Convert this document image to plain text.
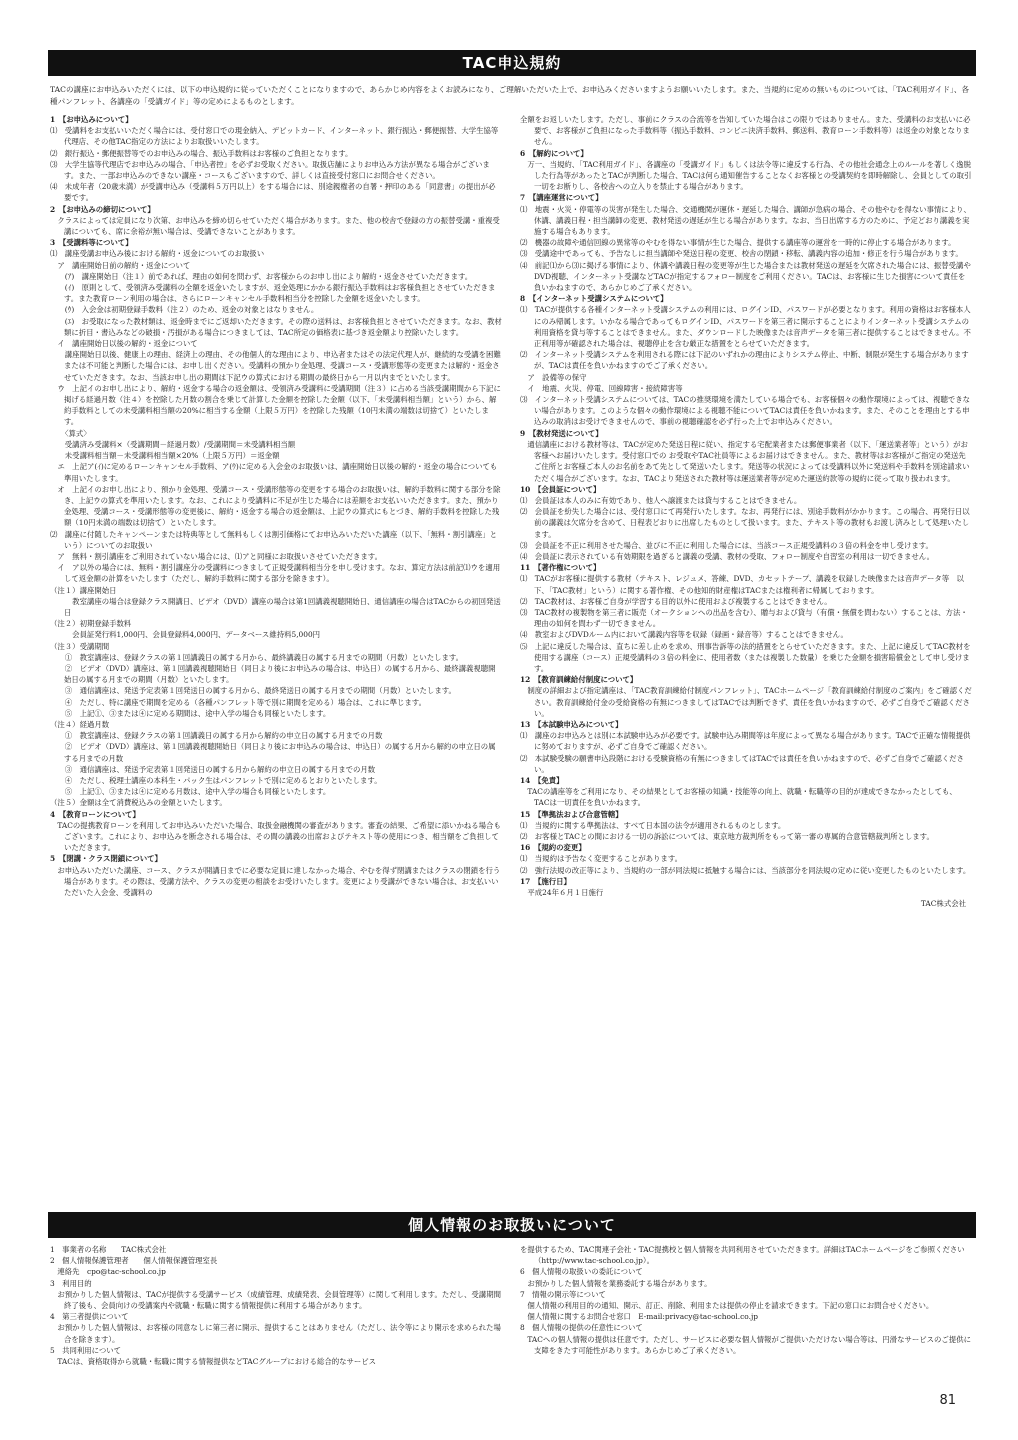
TAC申込規約
TACの講座にお申込みいただくには、以下の申込規約に従っていただくことになりますので、あらかじめ内容をよくお読みになり、ご理解いただいた上で、お申込みくださいますようお願いいたします。また、当規約に定めの無いものについては、「TAC利用ガイド」、各種パンフレット、各講座の「受講ガイド」等の定めによるものとします。

1　【お申込みについて】

⑴　受講料をお支払いいただく場合には、受付窓口での現金納入、デビットカード、インターネット、銀行振込・郵便振替、大学生協等代理店、その他TAC指定の方法によりお取扱いいたします。

⑵　銀行振込・郵便振替等でのお申込みの場合、振込手数料はお客様のご負担となります。

⑶　大学生協等代理店でお申込みの場合、「申込者控」を必ずお受取ください。取扱店舗によりお申込み方法が異なる場合がございます。また、一部お申込みのできない講座・コースもございますので、詳しくは直接受付窓口にお問合せください。

⑷　未成年者（20歳未満）が受講申込み（受講料５万円以上）をする場合には、別途親権者の自署・押印のある「同意書」の提出が必要です。

2　【お申込みの締切について】

　クラスによっては定員になり次第、お申込みを締め切らせていただく場合があります。また、他の校舎で登録の方の振替受講・重複受講についても、席に余裕が無い場合は、受講できないことがあります。

3　【受講料等について】

⑴　講座受講お申込み後における解約・返金についてのお取扱い

　ア　講座開始日前の解約・返金について

　　(ｱ)　講座開始日（注１）前であれば、理由の如何を問わず、お客様からのお申し出により解約・返金させていただきます。

　　(ｲ)　原則として、受領済み受講料の全額を返金いたしますが、返金処理にかかる銀行振込手数料はお客様負担とさせていただきます。また教育ローン利用の場合は、さらにローンキャンセル手数料相当分を控除した金額を返金いたします。

　　(ｳ)　入会金は初期登録手数料（注２）のため、返金の対象とはなりません。

　　(ｴ)　お受取になった教材類は、返金時までにご返却いただきます。その際の送料は、お客様負担とさせていただきます。なお、教材類に折目・書込みなどの破損・汚損がある場合につきましては、TAC所定の価格表に基づき返金額より控除いたします。

　イ　講座開始日以後の解約・返金について

　　講座開始日以後、健康上の理由、経済上の理由、その他個人的な理由により、申込者またはその法定代理人が、継続的な受講を困難または不可能と判断した場合には、お申し出ください。受講料の預かり金処理、受講コース・受講形態等の変更または解約・返金させていただきます。なお、当該お申し出の期間は下記ウの算式における期間の最終日から一月以内までといたします。

　ウ　上記イのお申し出により、解約・返金する場合の返金額は、受領済み受講料に受講期間（注３）に占める当該受講期間から下記に掲げる経過月数（注４）を控除した月数の割合を乗じて計算した金額を控除した金額（以下、「未受講料相当額」という）から、解約手数料としての未受講料相当額の20%に相当する金額（上限５万円）を控除した残額（10円未満の端数は切捨て）といたします。

　　〈算式〉

　　受講済み受講料×（受講期間－経過月数）/受講期間＝未受講料相当額

　　未受講料相当額－未受講料相当額×20%（上限５万円）＝返金額

　エ　上記ア(ｲ)に定めるローンキャンセル手数料、ア(ｳ)に定める入会金のお取扱いは、講座開始日以後の解約・返金の場合についても準用いたします。

　オ　上記イのお申し出により、預かり金処理、受講コース・受講形態等の変更をする場合のお取扱いは、解約手数料に関する部分を除き、上記ウの算式を準用いたします。なお、これにより受講料に不足が生じた場合には差額をお支払いいただきます。また、預かり金処理、受講コース・受講形態等の変更後に、解約・返金する場合の返金額は、上記ウの算式にもとづき、解約手数料を控除した残額（10円未満の端数は切捨て）といたします。

⑵　講座に付随したキャンペーンまたは特典等として無料もしくは割引価格にてお申込みいただいた講座（以下、「無料・割引講座」という）についてのお取扱い

　ア　無料・割引講座をご利用されていない場合には、⑴アと同様にお取扱いさせていただきます。

　イ　ア以外の場合には、無料・割引講座分の受講料につきまして正規受講料相当分を申し受けます。なお、算定方法は前記⑴ウを適用して返金額の計算をいたします（ただし、解約手数料に関する部分を除きます）。

（注１）講座開始日

　　　教室講座の場合は登録クラス開講日、ビデオ（DVD）講座の場合は第1回講義視聴開始日、通信講座の場合はTACからの初回発送日

（注２）初期登録手数料

　　　会員証発行料1,000円、会員登録料4,000円、データベース維持料5,000円

（注３）受講期間

　　①　教室講座は、登録クラスの第１回講義日の属する月から、最終講義日の属する月までの期間（月数）といたします。

　　②　ビデオ（DVD）講座は、第１回講義視聴開始日（同日より後にお申込みの場合は、申込日）の属する月から、最終講義視聴開始日の属する月までの期間（月数）といたします。

　　③　通信講座は、発送予定表第１回発送日の属する月から、最終発送日の属する月までの期間（月数）といたします。

　　④　ただし、特に講座で期間を定める（各種パンフレット等で別に期間を定める）場合は、これに準じます。

　　⑤　上記①、③または④に定める期間は、途中入学の場合も同様といたします。

（注４）経過月数

　　①　教室講座は、登録クラスの第１回講義日の属する月から解約の申立日の属する月までの月数

　　②　ビデオ（DVD）講座は、第１回講義視聴開始日（同日より後にお申込みの場合は、申込日）の属する月から解約の申立日の属する月までの月数

　　③　通信講座は、発送予定表第１回発送日の属する月から解約の申立日の属する月までの月数

　　④　ただし、税理士講座の本科生・パック生はパンフレットで別に定めるとおりといたします。

　　⑤　上記①、③または④に定める月数は、途中入学の場合も同様といたします。

（注５）金額は全て消費税込みの金額といたします。

4　【教育ローンについて】

　TACの提携教育ローンを利用してお申込みいただいた場合、取扱金融機関の審査があります。審査の結果、ご希望に添いかねる場合もございます。これにより、お申込みを断念される場合は、その間の講義の出席およびテキスト等の使用につき、相当額をご負担していただきます。

5　【閉講・クラス閉鎖について】

　お申込みいただいた講座、コース、クラスが開講日までに必要な定員に達しなかった場合、やむを得ず閉講またはクラスの閉鎖を行う場合があります。その際は、受講方法や、クラスの変更の相談をお受けいたします。変更により受講ができない場合は、お支払いいただいた入会金、受講料の

全額をお返しいたします。ただし、事前にクラスの合流等を告知していた場合はこの限りではありません。また、受講料のお支払いに必要で、お客様がご負担になった手数料等（振込手数料、コンビニ決済手数料、郵送料、教育ローン手数料等）は返金の対象となりません。

6　【解約について】

　万一、当規約、「TAC利用ガイド」、各講座の「受講ガイド」もしくは法令等に違反する行為、その他社会通念上のルールを著しく逸脱した行為等があったとTACが判断した場合、TACは何ら通知催告することなくお客様との受講契約を即時解除し、会員としての取引一切をお断りし、各校舎への立入りを禁止する場合があります。

7　【講座運営について】

⑴　地震・火災・停電等の災害が発生した場合、交通機関が運休・遅延した場合、講師が急病の場合、その他やむを得ない事情により、休講、講義日程・担当講師の変更、教材発送の遅延が生じる場合があります。なお、当日出席する方のために、予定どおり講義を実施する場合もあります。

⑵　機器の故障や通信回線の異常等のやむを得ない事情が生じた場合、提供する講座等の運営を一時的に停止する場合があります。

⑶　受講途中であっても、予告なしに担当講師や発送日程の変更、校舎の閉鎖・移転、講義内容の追加・修正を行う場合があります。

⑷　前記⑴から⑶に掲げる事情により、休講や講義日程の変更等が生じた場合または教材発送の遅延を欠席された場合には、振替受講やDVD視聴、インターネット受講などTACが指定するフォロー制度をご利用ください。TACは、お客様に生じた損害について責任を負いかねますので、あらかじめご了承ください。

8　【インターネット受講システムについて】

⑴　TACが提供する各種インターネット受講システムの利用には、ログインID、パスワードが必要となります。利用の資格はお客様本人にのみ帰属します。いかなる場合であってもログインID、パスワードを第三者に開示することによりインターネット受講システムの利用資格を貸与等することはできません。また、ダウンロードした映像または音声データを第三者に提供することはできません。不正利用等が確認された場合は、視聴停止を含む厳正な措置をとらせていただきます。

⑵　インターネット受講システムを利用される際には下記のいずれかの理由によりシステム停止、中断、制限が発生する場合がありますが、TACは責任を負いかねますのでご了承ください。

　ア　設備等の保守

　イ　地震、火災、停電、回線障害・接続障害等

⑶　インターネット受講システムについては、TACの推奨環境を満たしている場合でも、お客様個々の動作環境によっては、視聴できない場合があります。このような個々の動作環境による視聴不能についてTACは責任を負いかねます。また、そのことを理由とする申込みの取消はお受けできませんので、事前の視聴確認を必ず行った上でお申込みください。

9　【教材発送について】

　通信講座における教材等は、TACが定めた発送日程に従い、指定する宅配業者または郵便事業者（以下、「運送業者等」という）がお客様へお届けいたします。受付窓口での お受取やTAC社員等によるお届けはできません。また、教材等はお客様がご指定の発送先ご住所とお客様ご本人のお名前をあて先として発送いたします。発送等の状況によっては受講料以外に発送料や手数料を別途請求いただく場合がございます。なお、TACより発送された教材等は運送業者等が定めた運送約款等の規約に従って取り扱われます。

10　【会員証について】

⑴　会員証は本人のみに有効であり、他人へ譲渡または貸与することはできません。

⑵　会員証を紛失した場合には、受付窓口にて再発行いたします。なお、再発行には、別途手数料がかかります。この場合、再発行日以前の講義は欠席分を含めて、日程表どおりに出席したものとして扱います。また、テキスト等の教材もお渡し済みとして処理いたします。

⑶　会員証を不正に利用させた場合、並びに不正に利用した場合には、当該コース正規受講料の３倍の料金を申し受けます。

⑷　会員証に表示されている有効期限を過ぎると講義の受講、教材の受取、フォロー制度や自習室の利用は一切できません。

11　【著作権について】

⑴　TACがお客様に提供する教材（テキスト、レジュメ、答練、DVD、カセットテープ、講義を収録した映像または音声データ等　以下、「TAC教材」という）に関する著作権、その他知的財産権はTACまたは権利者に帰属しております。

⑵　TAC教材は、お客様ご自身が学習する目的以外に使用および複製することはできません。

⑶　TAC教材の複製物を第三者に販売（オークションへの出品を含む）、贈与および貸与（有償・無償を問わない）することは、方法・理由の如何を問わず一切できません。

⑷　教室およびDVDルーム内において講義内容等を収録（録画・録音等）することはできません。

⑸　上記に違反した場合は、直ちに差し止めを求め、刑事告訴等の法的措置をとらせていただきます。また、上記に違反してTAC教材を使用する講座（コース）正規受講料の３倍の料金に、使用者数（または複製した数量）を乗じた金額を損害賠償金として申し受けます。

12　【教育訓練給付制度について】

　制度の詳細および指定講座は、「TAC教育訓練給付制度パンフレット」、TACホームページ「教育訓練給付制度のご案内」をご確認ください。教育訓練給付金の受給資格の有無につきましてはTACでは判断できず、責任を負いかねますので、必ずご自身でご確認ください。

13　【本試験申込みについて】

⑴　講座のお申込みとは別に本試験申込みが必要です。試験申込み期間等は年度によって異なる場合があります。TACで正確な情報提供に努めておりますが、必ずご自身でご確認ください。

⑵　本試験受験の願書申込段階における受験資格の有無につきましてはTACでは責任を負いかねますので、必ずご自身でご確認ください。

14　【免責】

　TACの講座等をご利用になり、その結果としてお客様の知識・技能等の向上、就職・転職等の目的が達成できなかったとしても、TACは一切責任を負いかねます。

15　【準拠法および合意管轄】

⑴　当規約に関する準拠法は、すべて日本国の法令が適用されるものとします。

⑵　お客様とTACとの間における一切の訴訟については、東京地方裁判所をもって第一審の専属的合意管轄裁判所とします。

16　【規約の変更】

⑴　当規約は予告なく変更することがあります。

⑵　強行法規の改正等により、当規約の一部が同法規に抵触する場合には、当該部分を同法規の定めに従い変更したものといたします。

17　【施行日】

　平成24年６月１日施行

TAC株式会社

個人情報のお取扱いについて

1　事業者の名称　　TAC株式会社

2　個人情報保護管理者　　個人情報保護管理室長

　連絡先　cpo@tac-school.co.jp

3　利用目的

　お預かりした個人情報は、TACが提供する受講サービス（成績管理、成績発表、会員管理等）に関して利用します。ただし、受講期間終了後も、会員向けの受講案内や就職・転職に関する情報提供に利用する場合があります。

4　第三者提供について

　お預かりした個人情報は、お客様の同意なしに第三者に開示、提供することはありません（ただし、法令等により開示を求められた場合を除きます）。

5　共同利用について

　TACは、資格取得から就職・転職に関する情報提供などTACグループにおける総合的なサービス

を提供するため、TAC関連子会社・TAC提携校と個人情報を共同利用させていただきます。詳細はTACホームページをご参照ください（http://www.tac-school.co.jp）。

6　個人情報の取扱いの委託について

　お預かりした個人情報を業務委託する場合があります。

7　情報の開示等について

　個人情報の利用目的の通知、開示、訂正、削除、利用または提供の停止を請求できます。下記の窓口にお問合せください。

　個人情報に関するお問合せ窓口　E-mail:privacy@tac-school.co.jp

8　個人情報の提供の任意性について

　TACへの個人情報の提供は任意です。ただし、サービスに必要な個人情報がご提供いただけない場合等は、円滑なサービスのご提供に支障をきたす可能性があります。あらかじめご了承ください。

81
